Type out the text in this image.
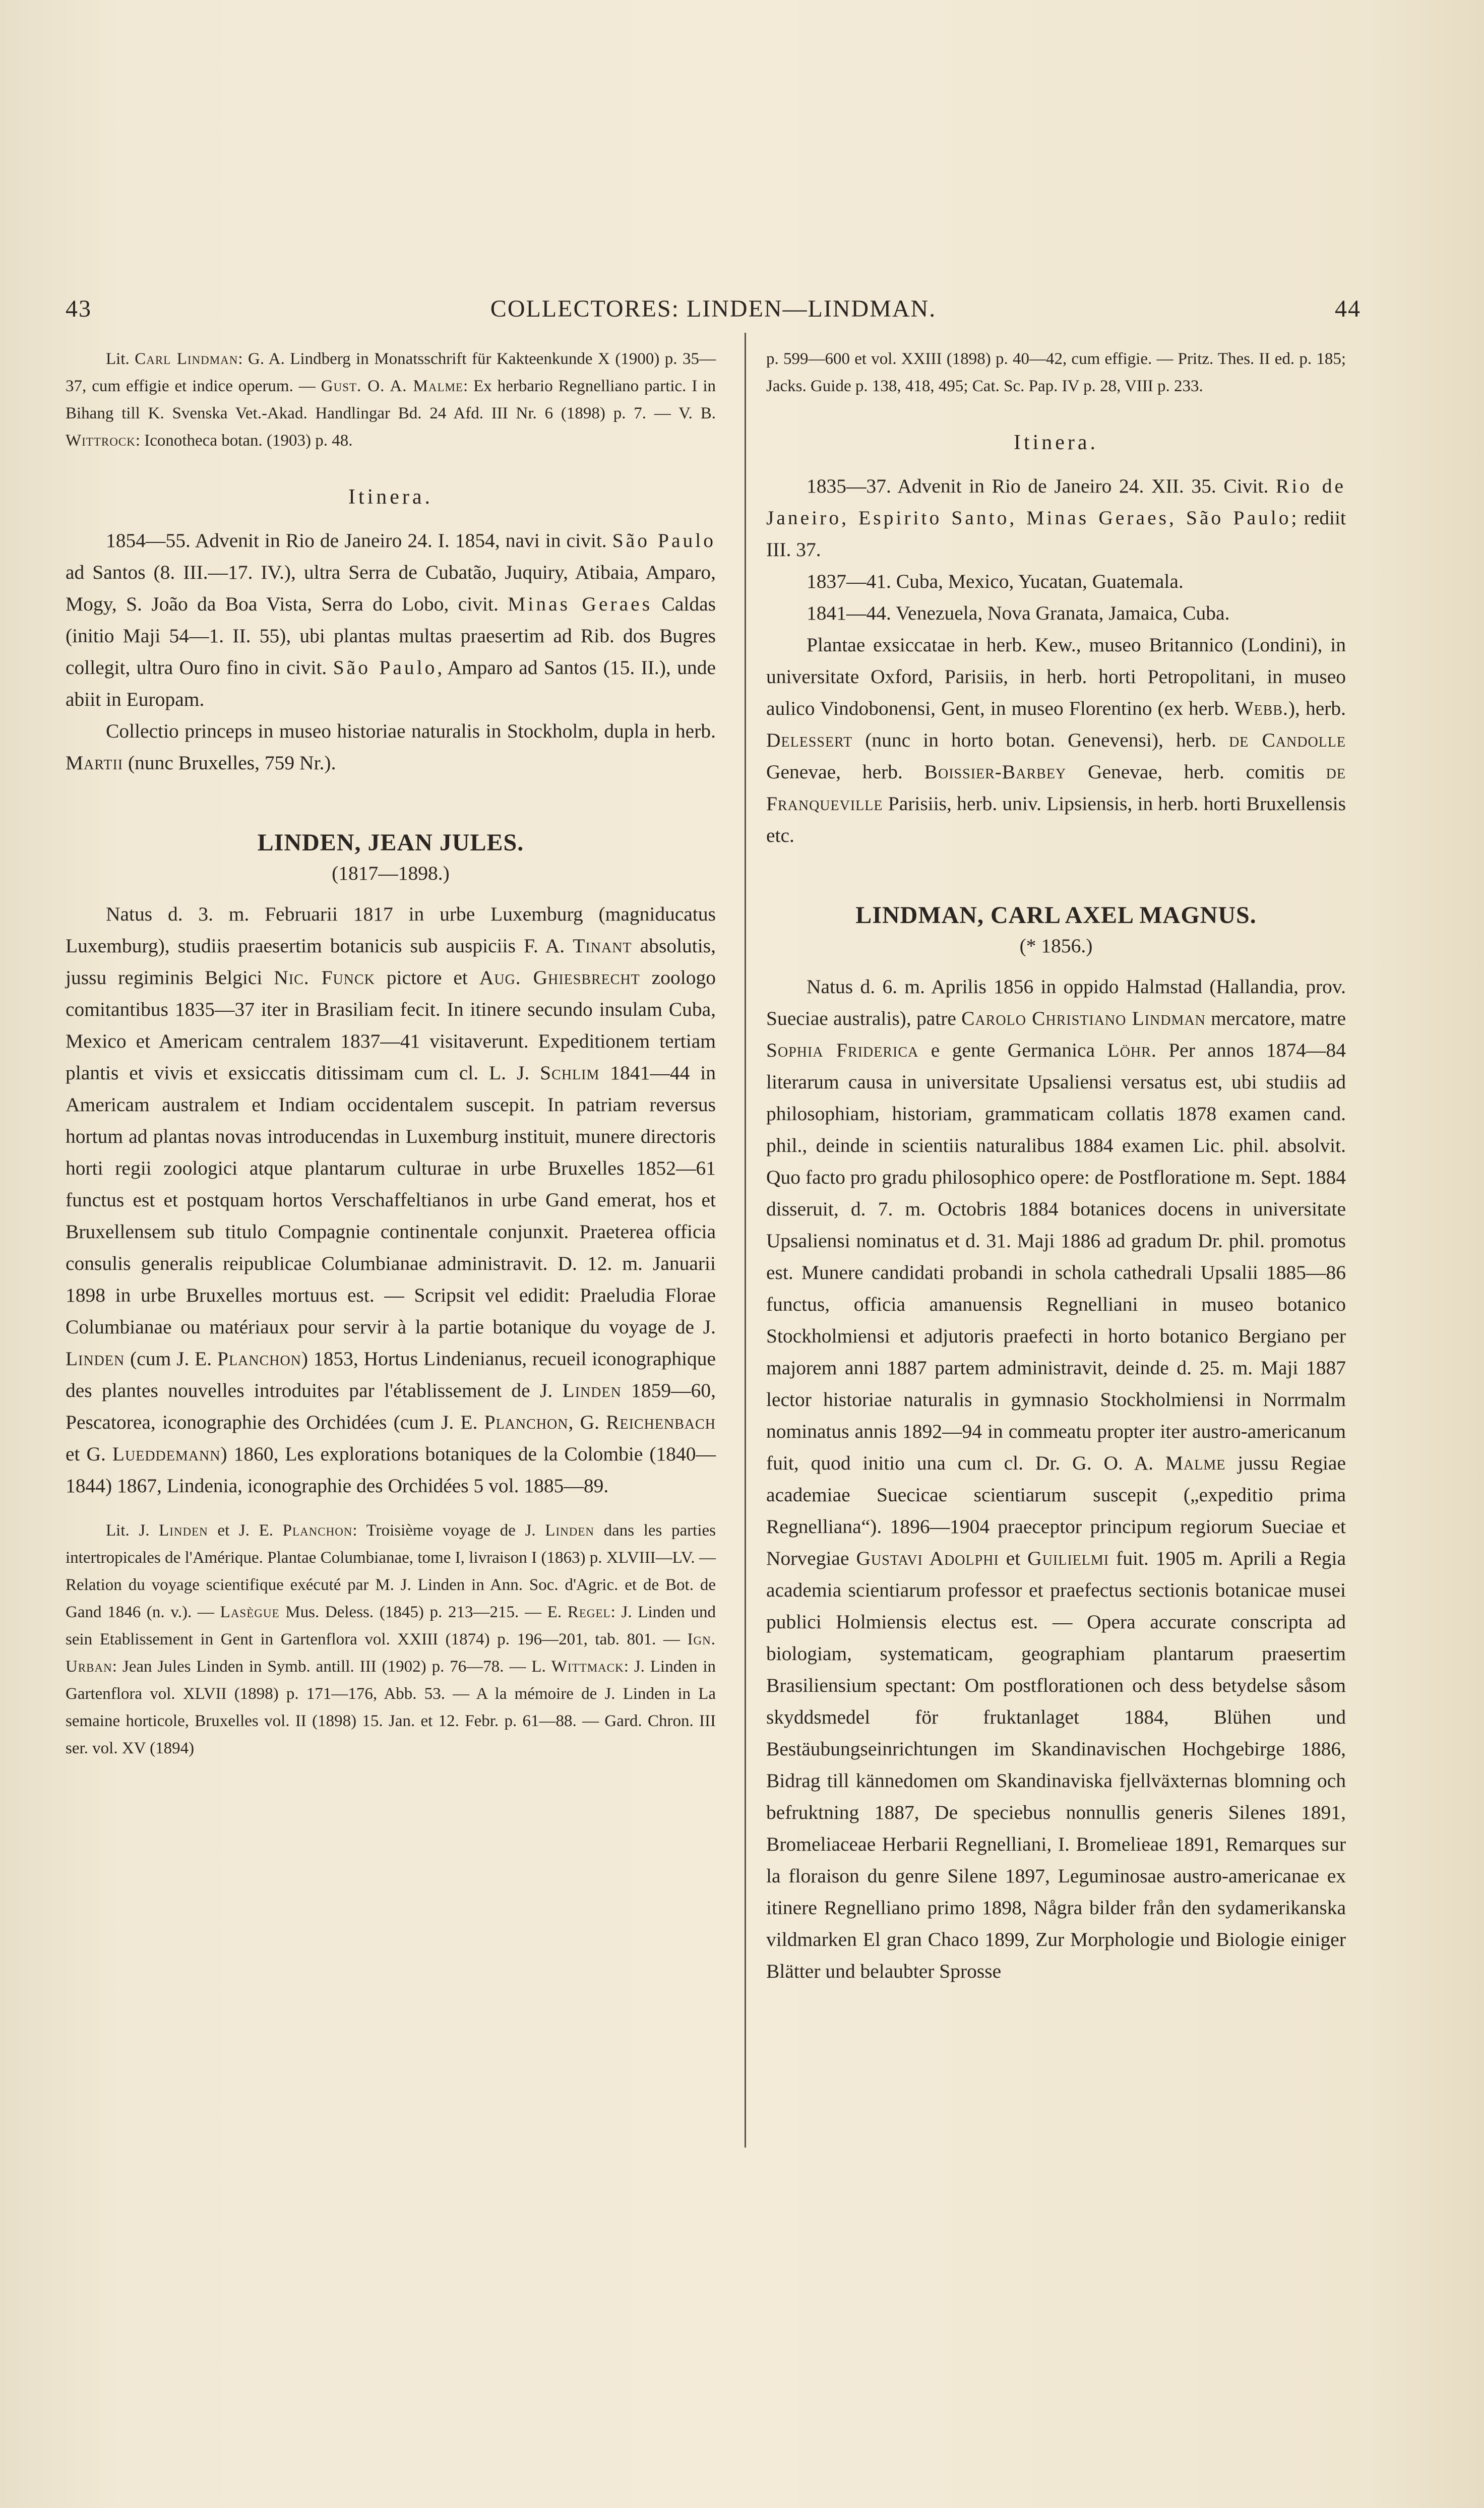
43	COLLECTORES: LINDEN—LINDMAN.	44

Lit. Carl Lindman: G. A. Lindberg in Monatsschrift für Kakteenkunde X (1900) p. 35—37, cum effigie et indice operum. — Gust. O. A. Malme: Ex herbario Regnelliano partic. I in Bihang till K. Svenska Vet.-Akad. Handlingar Bd. 24 Afd. III Nr. 6 (1898) p. 7. — V. B. Wittrock: Iconotheca botan. (1903) p. 48.

Itinera.

1854—55. Advenit in Rio de Janeiro 24. I. 1854, navi in civit. São Paulo ad Santos (8. III.—17. IV.), ultra Serra de Cubatão, Juquiry, Atibaia, Amparo, Mogy, S. João da Boa Vista, Serra do Lobo, civit. Minas Geraes Caldas (initio Maji 54—1. II. 55), ubi plantas multas praesertim ad Rib. dos Bugres collegit, ultra Ouro fino in civit. São Paulo, Amparo ad Santos (15. II.), unde abiit in Europam.

Collectio princeps in museo historiae naturalis in Stockholm, dupla in herb. Martii (nunc Bruxelles, 759 Nr.).

LINDEN, JEAN JULES.
(1817—1898.)

Natus d. 3. m. Februarii 1817 in urbe Luxemburg (magniducatus Luxemburg), studiis praesertim botanicis sub auspiciis F. A. Tinant absolutis, jussu regiminis Belgici Nic. Funck pictore et Aug. Ghiesbrecht zoologo comitantibus 1835—37 iter in Brasiliam fecit. In itinere secundo insulam Cuba, Mexico et Americam centralem 1837—41 visitaverunt. Expeditionem tertiam plantis et vivis et exsiccatis ditissimam cum cl. L. J. Schlim 1841—44 in Americam australem et Indiam occidentalem suscepit. In patriam reversus hortum ad plantas novas introducendas in Luxemburg instituit, munere directoris horti regii zoologici atque plantarum culturae in urbe Bruxelles 1852—61 functus est et postquam hortos Verschaffeltianos in urbe Gand emerat, hos et Bruxellensem sub titulo Compagnie continentale conjunxit. Praeterea officia consulis generalis reipublicae Columbianae administravit. D. 12. m. Januarii 1898 in urbe Bruxelles mortuus est. — Scripsit vel edidit: Praeludia Florae Columbianae ou matériaux pour servir à la partie botanique du voyage de J. Linden (cum J. E. Planchon) 1853, Hortus Lindenianus, recueil iconographique des plantes nouvelles introduites par l'établissement de J. Linden 1859—60, Pescatorea, iconographie des Orchidées (cum J. E. Planchon, G. Reichenbach et G. Lueddemann) 1860, Les explorations botaniques de la Colombie (1840—1844) 1867, Lindenia, iconographie des Orchidées 5 vol. 1885—89.

Lit. J. Linden et J. E. Planchon: Troisième voyage de J. Linden dans les parties intertropicales de l'Amérique. Plantae Columbianae, tome I, livraison I (1863) p. XLVIII—LV. — Relation du voyage scientifique exécuté par M. J. Linden in Ann. Soc. d'Agric. et de Bot. de Gand 1846 (n. v.). — Lasègue Mus. Deless. (1845) p. 213—215. — E. Regel: J. Linden und sein Etablissement in Gent in Gartenflora vol. XXIII (1874) p. 196—201, tab. 801. — Ign. Urban: Jean Jules Linden in Symb. antill. III (1902) p. 76—78. — L. Wittmack: J. Linden in Gartenflora vol. XLVII (1898) p. 171—176, Abb. 53. — A la mémoire de J. Linden in La semaine horticole, Bruxelles vol. II (1898) 15. Jan. et 12. Febr. p. 61—88. — Gard. Chron. III ser. vol. XV (1894)

p. 599—600 et vol. XXIII (1898) p. 40—42, cum effigie. — Pritz. Thes. II ed. p. 185; Jacks. Guide p. 138, 418, 495; Cat. Sc. Pap. IV p. 28, VIII p. 233.

Itinera.

1835—37. Advenit in Rio de Janeiro 24. XII. 35. Civit. Rio de Janeiro, Espirito Santo, Minas Geraes, São Paulo; rediit III. 37.

1837—41. Cuba, Mexico, Yucatan, Guatemala.

1841—44. Venezuela, Nova Granata, Jamaica, Cuba.

Plantae exsiccatae in herb. Kew., museo Britannico (Londini), in universitate Oxford, Parisiis, in herb. horti Petropolitani, in museo aulico Vindobonensi, Gent, in museo Florentino (ex herb. Webb.), herb. Delessert (nunc in horto botan. Genevensi), herb. de Candolle Genevae, herb. Boissier-Barbey Genevae, herb. comitis de Franqueville Parisiis, herb. univ. Lipsiensis, in herb. horti Bruxellensis etc.

LINDMAN, CARL AXEL MAGNUS.
(* 1856.)

Natus d. 6. m. Aprilis 1856 in oppido Halmstad (Hallandia, prov. Sueciae australis), patre Carolo Christiano Lindman mercatore, matre Sophia Friderica e gente Germanica Löhr. Per annos 1874—84 literarum causa in universitate Upsaliensi versatus est, ubi studiis ad philosophiam, historiam, grammaticam collatis 1878 examen cand. phil., deinde in scientiis naturalibus 1884 examen Lic. phil. absolvit. Quo facto pro gradu philosophico opere: de Postfloratione m. Sept. 1884 disseruit, d. 7. m. Octobris 1884 botanices docens in universitate Upsaliensi nominatus et d. 31. Maji 1886 ad gradum Dr. phil. promotus est. Munere candidati probandi in schola cathedrali Upsalii 1885—86 functus, officia amanuensis Regnelliani in museo botanico Stockholmiensi et adjutoris praefecti in horto botanico Bergiano per majorem anni 1887 partem administravit, deinde d. 25. m. Maji 1887 lector historiae naturalis in gymnasio Stockholmiensi in Norrmalm nominatus annis 1892—94 in commeatu propter iter austro-americanum fuit, quod initio una cum cl. Dr. G. O. A. Malme jussu Regiae academiae Suecicae scientiarum suscepit („expeditio prima Regnelliana“). 1896—1904 praeceptor principum regiorum Sueciae et Norvegiae Gustavi Adolphi et Guilielmi fuit. 1905 m. Aprili a Regia academia scientiarum professor et praefectus sectionis botanicae musei publici Holmiensis electus est. — Opera accurate conscripta ad biologiam, systematicam, geographiam plantarum praesertim Brasiliensium spectant: Om postflorationen och dess betydelse såsom skyddsmedel för fruktanlaget 1884, Blühen und Bestäubungseinrichtungen im Skandinavischen Hochgebirge 1886, Bidrag till kännedomen om Skandinaviska fjellväxternas blomning och befruktning 1887, De speciebus nonnullis generis Silenes 1891, Bromeliaceae Herbarii Regnelliani, I. Bromelieae 1891, Remarques sur la floraison du genre Silene 1897, Leguminosae austro-americanae ex itinere Regnelliano primo 1898, Några bilder från den sydamerikanska vildmarken El gran Chaco 1899, Zur Morphologie und Biologie einiger Blätter und belaubter Sprosse
